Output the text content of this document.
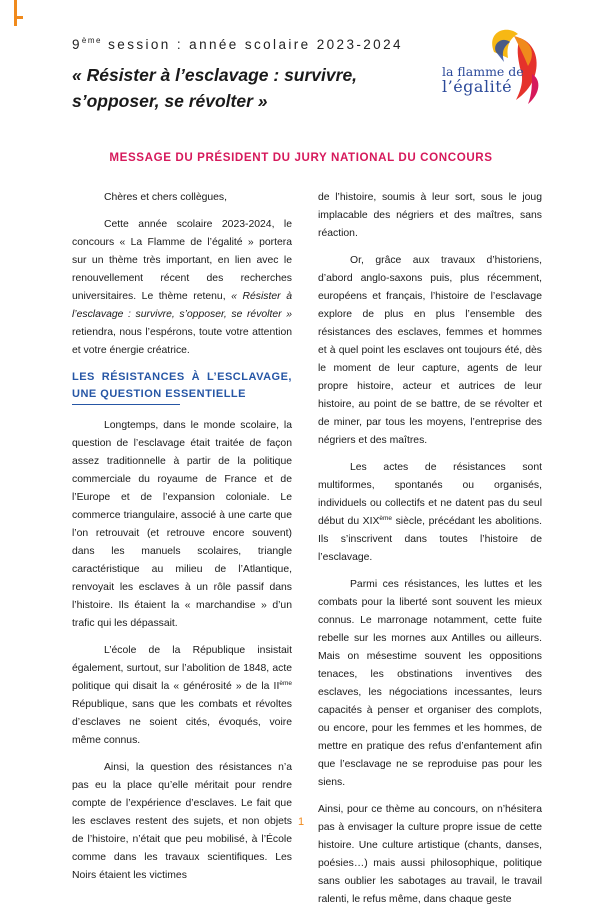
9ème session : année scolaire 2023-2024
« Résister à l’esclavage : survivre, s’opposer, se révolter »
la flamme de
l’égalité
MESSAGE DU PRÉSIDENT DU JURY NATIONAL DU CONCOURS

Chères et chers collègues,

Cette année scolaire 2023-2024, le concours « La Flamme de l’égalité » portera sur un thème très important, en lien avec le renouvellement récent des recherches universitaires. Le thème retenu, « Résister à l’esclavage : survivre, s’opposer, se révolter » retiendra, nous l’espérons, toute votre attention et votre énergie créatrice.

LES RÉSISTANCES À L’ESCLAVAGE, UNE QUESTION ESSENTIELLE

Longtemps, dans le monde scolaire, la question de l’esclavage était traitée de façon assez traditionnelle à partir de la politique commerciale du royaume de France et de l’Europe et de l’expansion coloniale. Le commerce triangulaire, associé à une carte que l’on retrouvait (et retrouve encore souvent) dans les manuels scolaires, triangle caractéristique au milieu de l’Atlantique, renvoyait les esclaves à un rôle passif dans l’histoire. Ils étaient la « marchandise » d’un trafic qui les dépassait.

L’école de la République insistait également, surtout, sur l’abolition de 1848, acte politique qui disait la « générosité » de la IIème République, sans que les combats et révoltes d’esclaves ne soient cités, évoqués, voire même connus.

Ainsi, la question des résistances n’a pas eu la place qu’elle méritait pour rendre compte de l’expérience d’esclaves. Le fait que les esclaves restent des sujets, et non objets de l’histoire, n’était que peu mobilisé, à l’École comme dans les travaux scientifiques. Les Noirs étaient les victimes

de l’histoire, soumis à leur sort, sous le joug implacable des négriers et des maîtres, sans réaction.

Or, grâce aux travaux d’historiens, d’abord anglo-saxons puis, plus récemment, européens et français, l’histoire de l’esclavage explore de plus en plus l’ensemble des résistances des esclaves, femmes et hommes et à quel point les esclaves ont toujours été, dès le moment de leur capture, agents de leur propre histoire, acteur et autrices de leur histoire, au point de se battre, de se révolter et de miner, par tous les moyens, l’entreprise des négriers et des maîtres.

Les actes de résistances sont multiformes, spontanés ou organisés, individuels ou collectifs et ne datent pas du seul début du XIXème siècle, précédant les abolitions. Ils s’inscrivent dans toutes l’histoire de l’esclavage.

Parmi ces résistances, les luttes et les combats pour la liberté sont souvent les mieux connus. Le marronage notamment, cette fuite rebelle sur les mornes aux Antilles ou ailleurs. Mais on mésestime souvent les oppositions tenaces, les obstinations inventives des esclaves, les négociations incessantes, leurs capacités à penser et organiser des complots, ou encore, pour les femmes et les hommes, de mettre en pratique des refus d’enfantement afin que l’esclavage ne se reproduise pas pour les siens.

Ainsi, pour ce thème au concours, on n’hésitera pas à envisager la culture propre issue de cette histoire. Une culture artistique (chants, danses, poésies…) mais aussi philosophique, politique sans oublier les sabotages au travail, le travail ralenti, le refus même, dans chaque geste

1
